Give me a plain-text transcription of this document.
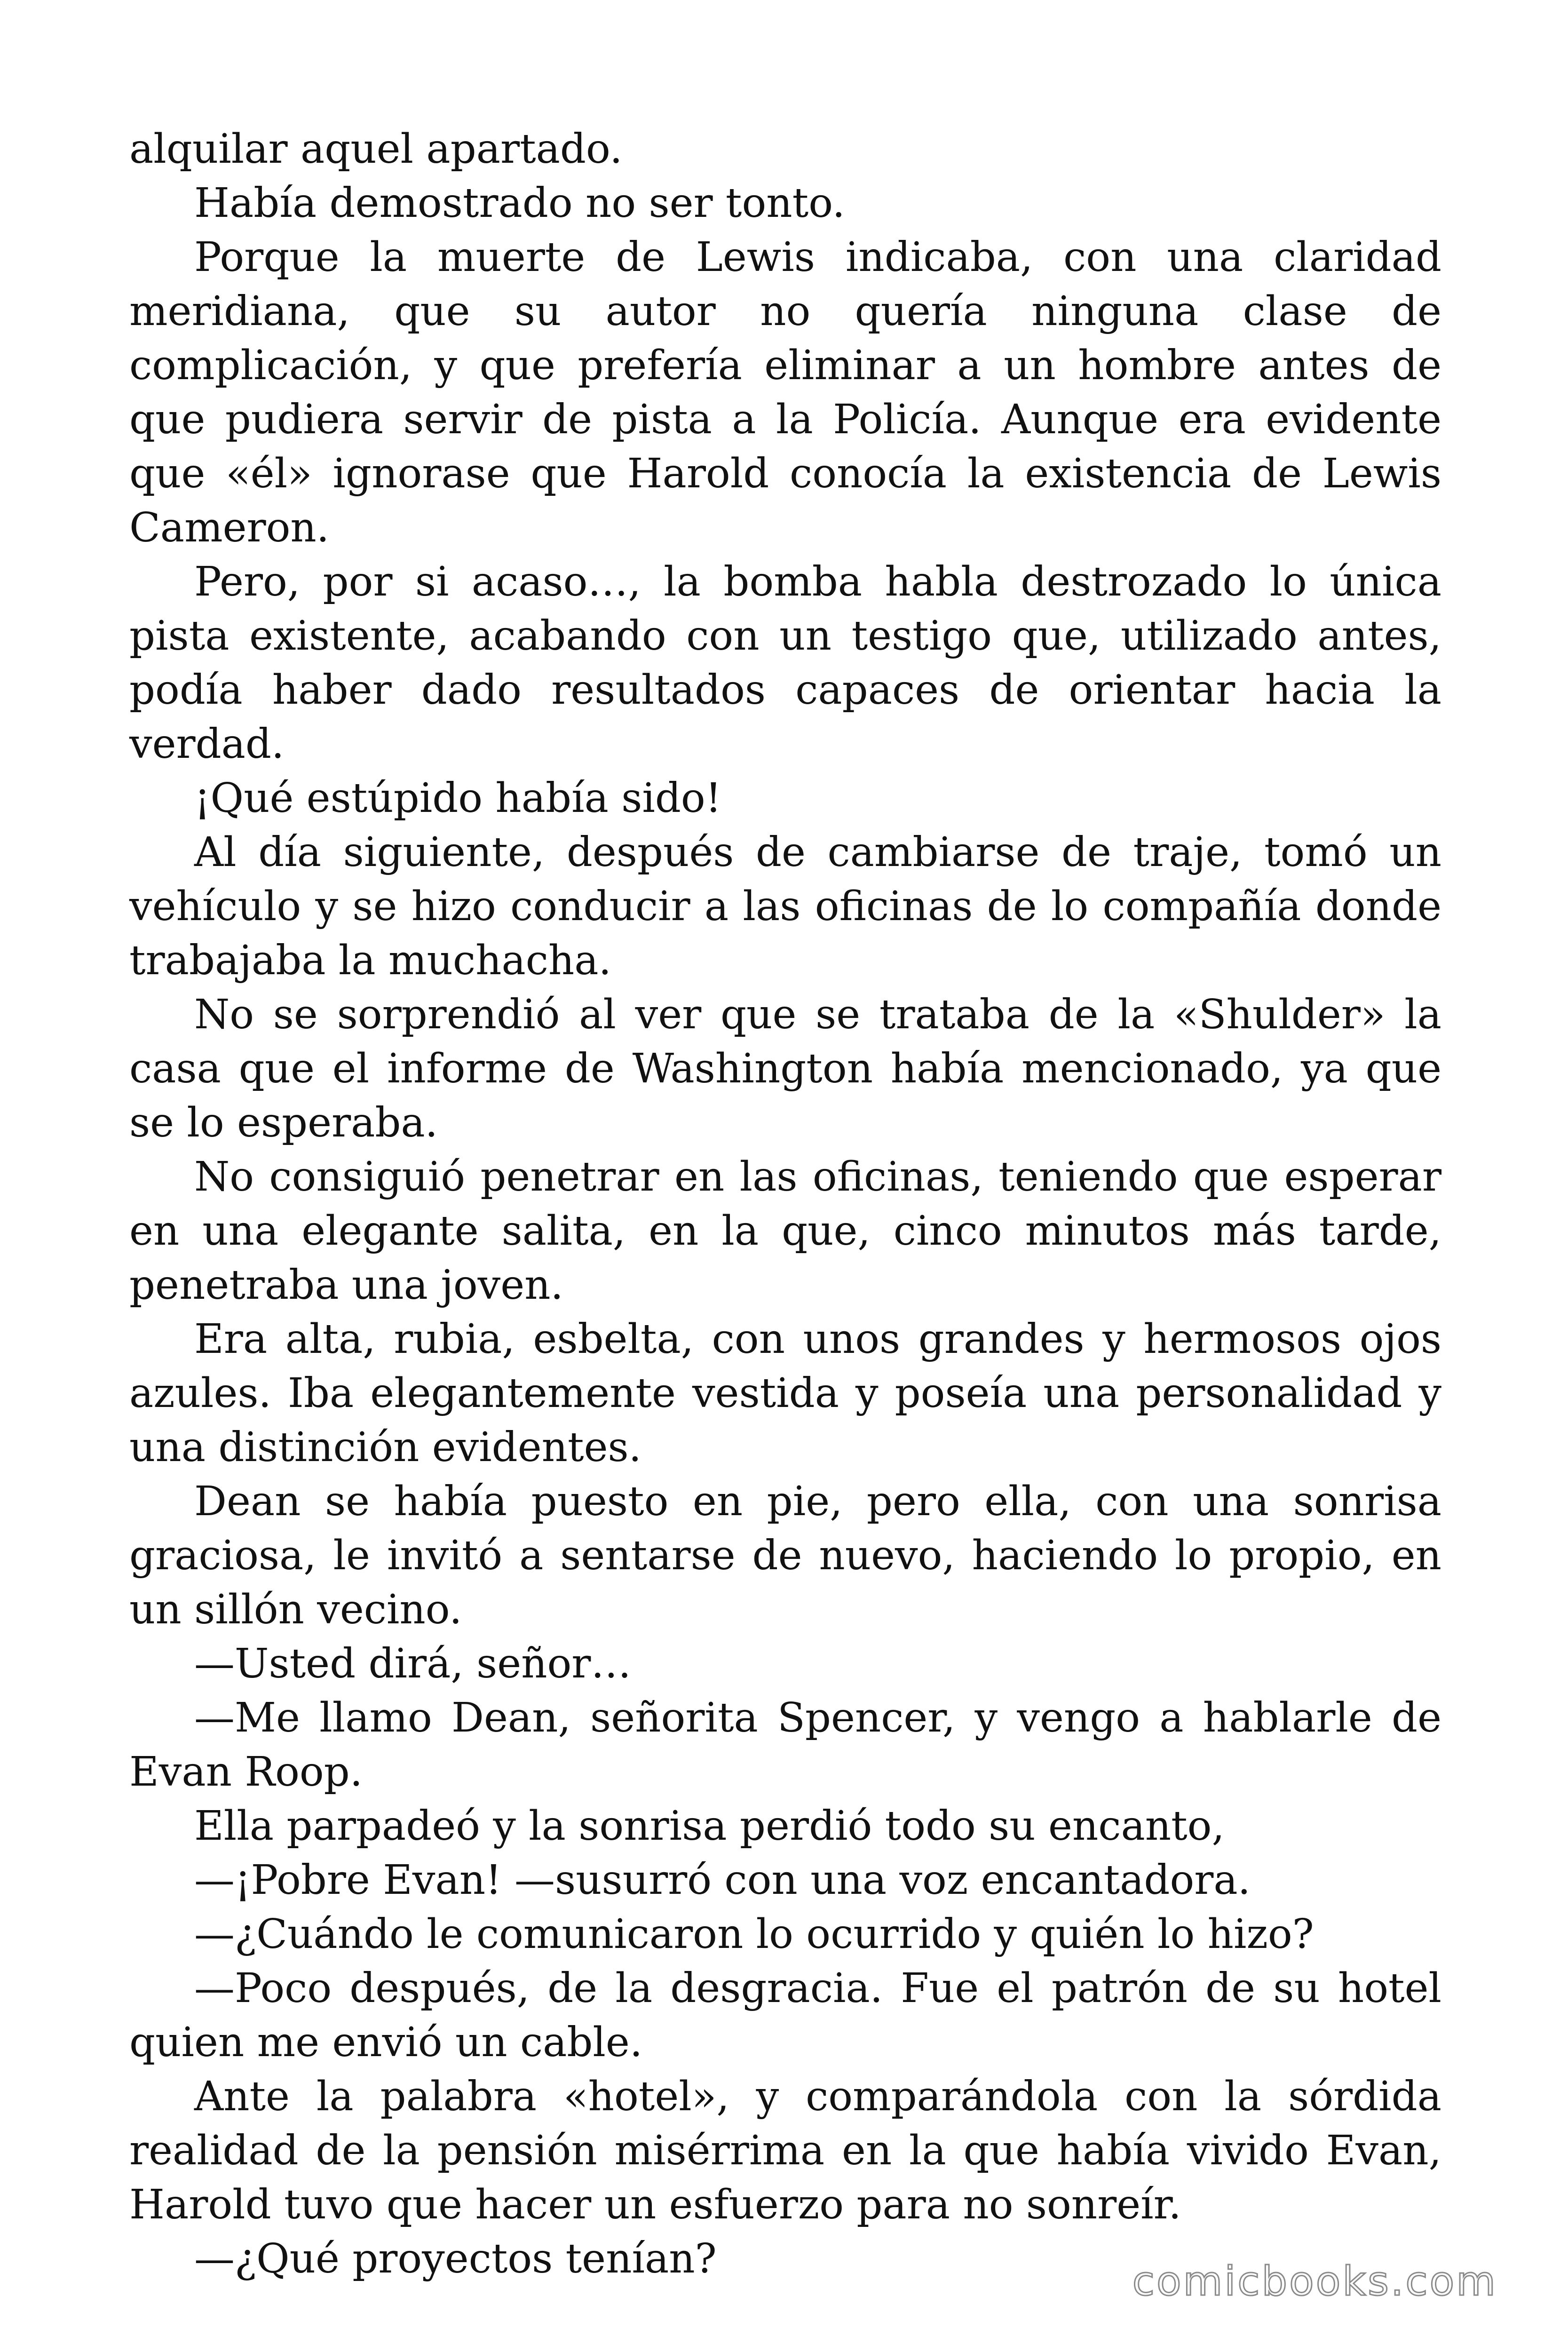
alquilar aquel apartado.

Había demostrado no ser tonto.

Porque la muerte de Lewis indicaba, con una claridad meridiana, que su autor no quería ninguna clase de complicación, y que prefería eliminar a un hombre antes de que pudiera servir de pista a la Policía. Aunque era evidente que «él» ignorase que Harold conocía la existencia de Lewis Cameron.

Pero, por si acaso…, la bomba habla destrozado lo única pista existente, acabando con un testigo que, utilizado antes, podía haber dado resultados capaces de orientar hacia la verdad.

¡Qué estúpido había sido!

Al día siguiente, después de cambiarse de traje, tomó un vehículo y se hizo conducir a las oficinas de lo compañía donde trabajaba la muchacha.

No se sorprendió al ver que se trataba de la «Shulder» la casa que el informe de Washington había mencionado, ya que se lo esperaba.

No consiguió penetrar en las oficinas, teniendo que esperar en una elegante salita, en la que, cinco minutos más tarde, penetraba una joven.

Era alta, rubia, esbelta, con unos grandes y hermosos ojos azules. Iba elegantemente vestida y poseía una personalidad y una distinción evidentes.

Dean se había puesto en pie, pero ella, con una sonrisa graciosa, le invitó a sentarse de nuevo, haciendo lo propio, en un sillón vecino.

—Usted dirá, señor…

—Me llamo Dean, señorita Spencer, y vengo a hablarle de Evan Roop.

Ella parpadeó y la sonrisa perdió todo su encanto,

—¡Pobre Evan! —susurró con una voz encantadora.

—¿Cuándo le comunicaron lo ocurrido y quién lo hizo?

—Poco después, de la desgracia. Fue el patrón de su hotel quien me envió un cable.

Ante la palabra «hotel», y comparándola con la sórdida realidad de la pensión misérrima en la que había vivido Evan, Harold tuvo que hacer un esfuerzo para no sonreír.

—¿Qué proyectos tenían?	comicbooks.com
